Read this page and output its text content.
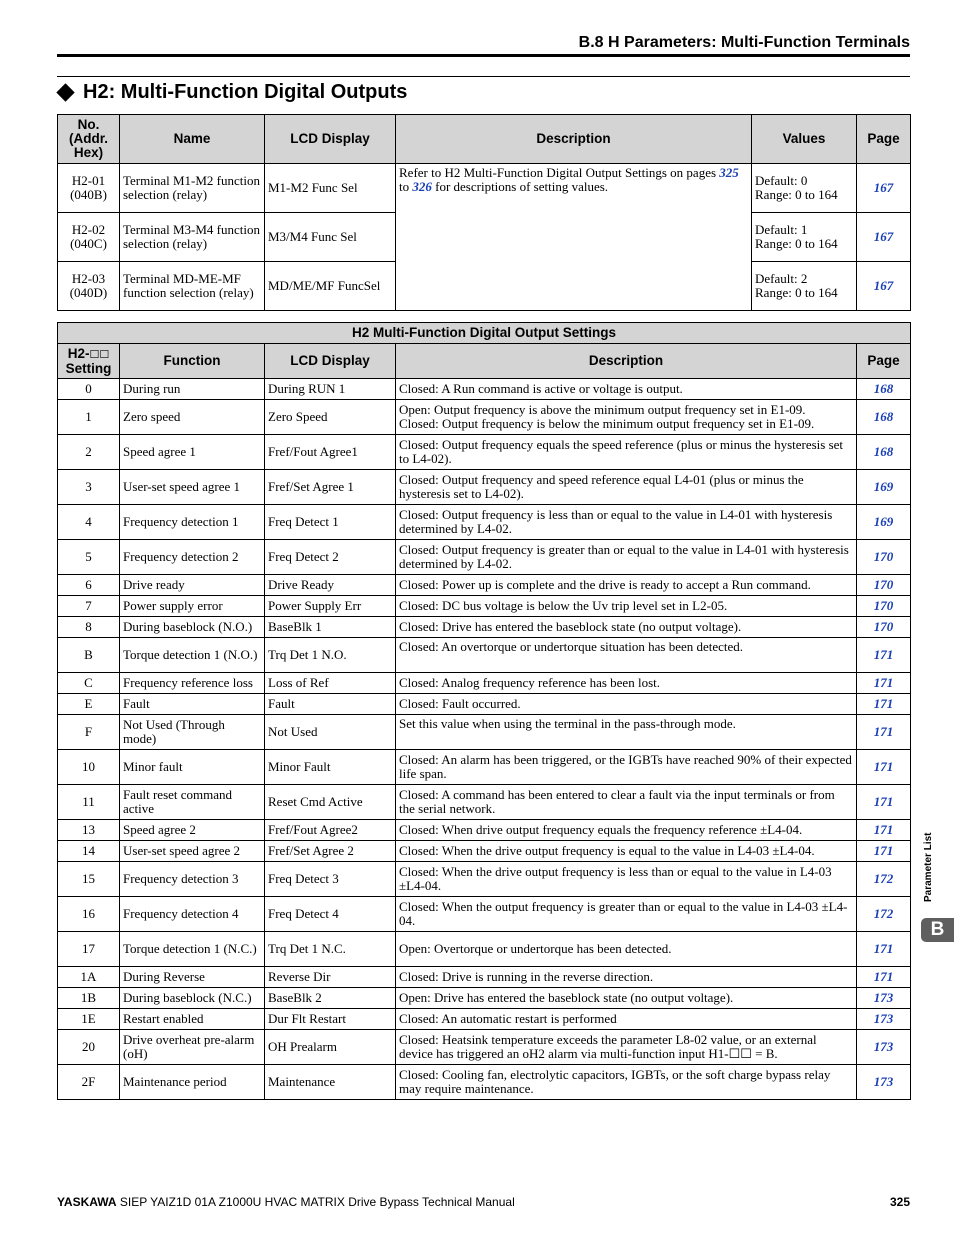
B.8 H Parameters: Multi-Function Terminals
H2: Multi-Function Digital Outputs
No.
(Addr.
Hex)	Name	LCD Display	Description	Values	Page
H2-01
(040B)	Terminal M1-M2 function selection (relay)	M1-M2 Func Sel	Refer to H2 Multi-Function Digital Output Settings on pages 325 to 326 for descriptions of setting values.	Default: 0
Range: 0 to 164	167
H2-02
(040C)	Terminal M3-M4 function selection (relay)	M3/M4 Func Sel		Default: 1
Range: 0 to 164	167
H2-03
(040D)	Terminal MD-ME-MF function selection (relay)	MD/ME/MF FuncSel		Default: 2
Range: 0 to 164	167
H2 Multi-Function Digital Output Settings				
H2-☐☐
Setting	Function	LCD Display	Description	Page
0	During run	During RUN 1	Closed: A Run command is active or voltage is output.	168
1	Zero speed	Zero Speed	Open: Output frequency is above the minimum output frequency set in E1-09.
Closed: Output frequency is below the minimum output frequency set in E1-09.	168
2	Speed agree 1	Fref/Fout Agree1	Closed: Output frequency equals the speed reference (plus or minus the hysteresis set to L4-02).	168
3	User-set speed agree 1	Fref/Set Agree 1	Closed: Output frequency and speed reference equal L4-01 (plus or minus the hysteresis set to L4-02).	169
4	Frequency detection 1	Freq Detect 1	Closed: Output frequency is less than or equal to the value in L4-01 with hysteresis determined by L4-02.	169
5	Frequency detection 2	Freq Detect 2	Closed: Output frequency is greater than or equal to the value in L4-01 with hysteresis determined by L4-02.	170
6	Drive ready	Drive Ready	Closed: Power up is complete and the drive is ready to accept a Run command.	170
7	Power supply error	Power Supply Err	Closed: DC bus voltage is below the Uv trip level set in L2-05.	170
8	During baseblock (N.O.)	BaseBlk 1	Closed: Drive has entered the baseblock state (no output voltage).	170
B	Torque detection 1 (N.O.)	Trq Det 1 N.O.	Closed: An overtorque or undertorque situation has been detected.	171
C	Frequency reference loss	Loss of Ref	Closed: Analog frequency reference has been lost.	171
E	Fault	Fault	Closed: Fault occurred.	171
F	Not Used (Through mode)	Not Used	Set this value when using the terminal in the pass-through mode.	171
10	Minor fault	Minor Fault	Closed: An alarm has been triggered, or the IGBTs have reached 90% of their expected life span.	171
11	Fault reset command active	Reset Cmd Active	Closed: A command has been entered to clear a fault via the input terminals or from the serial network.	171
13	Speed agree 2	Fref/Fout Agree2	Closed: When drive output frequency equals the frequency reference ±L4-04.	171
14	User-set speed agree 2	Fref/Set Agree 2	Closed: When the drive output frequency is equal to the value in L4-03 ±L4-04.	171
15	Frequency detection 3	Freq Detect 3	Closed: When the drive output frequency is less than or equal to the value in L4-03 ±L4-04.	172
16	Frequency detection 4	Freq Detect 4	Closed: When the output frequency is greater than or equal to the value in L4-03 ±L4-04.	172
17	Torque detection 1 (N.C.)	Trq Det 1 N.C.	Open: Overtorque or undertorque has been detected.	171
1A	During Reverse	Reverse Dir	Closed: Drive is running in the reverse direction.	171
1B	During baseblock (N.C.)	BaseBlk 2	Open: Drive has entered the baseblock state (no output voltage).	173
1E	Restart enabled	Dur Flt Restart	Closed: An automatic restart is performed	173
20	Drive overheat pre-alarm (oH)	OH Prealarm	Closed: Heatsink temperature exceeds the parameter L8-02 value, or an external device has triggered an oH2 alarm via multi-function input H1-☐☐ = B.	173
2F	Maintenance period	Maintenance	Closed: Cooling fan, electrolytic capacitors, IGBTs, or the soft charge bypass relay may require maintenance.	173
Parameter List
B
YASKAWA SIEP YAIZ1D 01A Z1000U HVAC MATRIX Drive Bypass Technical Manual	325
